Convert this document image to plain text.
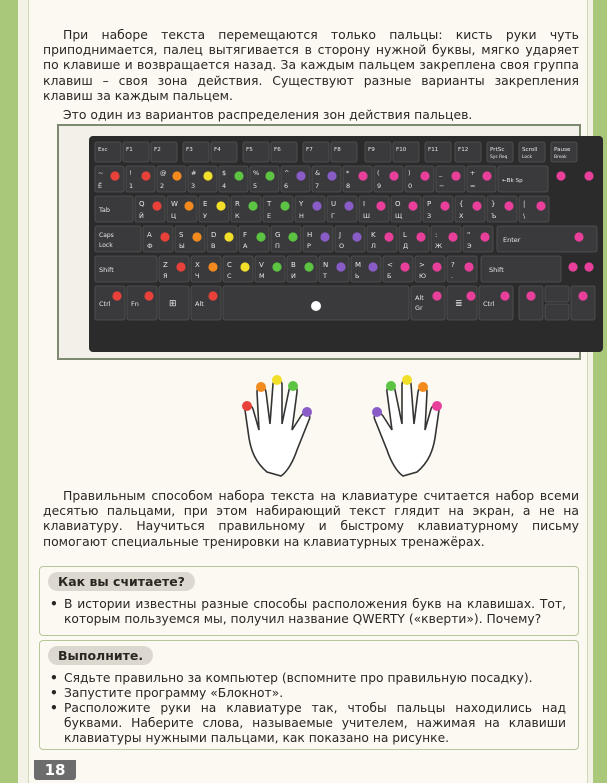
При наборе текста перемещаются только пальцы: кисть руки чуть приподнимается, палец вытягивается в сторону нужной буквы, мягко ударяет по клавише и возвращается назад. За каждым пальцем закреплена своя группа клавиш – своя зона действия. Существуют разные варианты закрепления клавиш за каждым пальцем.

Это один из вариантов распределения зон действия пальцев.

Esc	F1	F2	F3	F4	F5	F6	F7	F8	F9	F10	F11	F12	PrtSc
Sys Req
Scroll
Lock
Pause
Break
~
Ё
!
1
@
2
#
3
$
4
%
5
^
6
&
7
*
8
(
9
)
0
_
−
+
=
←Bk Sp
Tab
Q
Й
W
Ц
E
У
R
К
T
Е
Y
Н
U
Г
I
Ш
O
Щ
P
З
{
Х
}
Ъ
|
\
Caps
Lock
A
Ф
S
Ы
D
В
F
А
G
П
H
Р
J
О
K
Л
L
Д
:
Ж
"
Э
Enter
Shift
Z
Я
X
Ч
C
С
V
М
B
И
N
Т
M
Ь
<
Б
>
Ю
?
.
Shift
Ctrl	Fn	⊞	Alt
Alt
Gr	≣	Ctrl

Правильным способом набора текста на клавиатуре считается набор всеми десятью пальцами, при этом набирающий текст глядит на экран, а не на клавиатуру. Научиться правильному и быстрому клавиатурному письму помогают специальные тренировки на клавиатурных тренажёрах.

Как вы считаете?

• В истории известны разные способы расположения букв на клавишах. Тот, которым пользуемся мы, получил название QWERTY («кверти»). Почему?

Выполните.

• Сядьте правильно за компьютер (вспомните про правильную посадку).

• Запустите программу «Блокнот».

• Расположите руки на клавиатуре так, чтобы пальцы находились над буквами. Наберите слова, называемые учителем, нажимая на клавиши клавиатуры нужными пальцами, как показано на рисунке.

18
